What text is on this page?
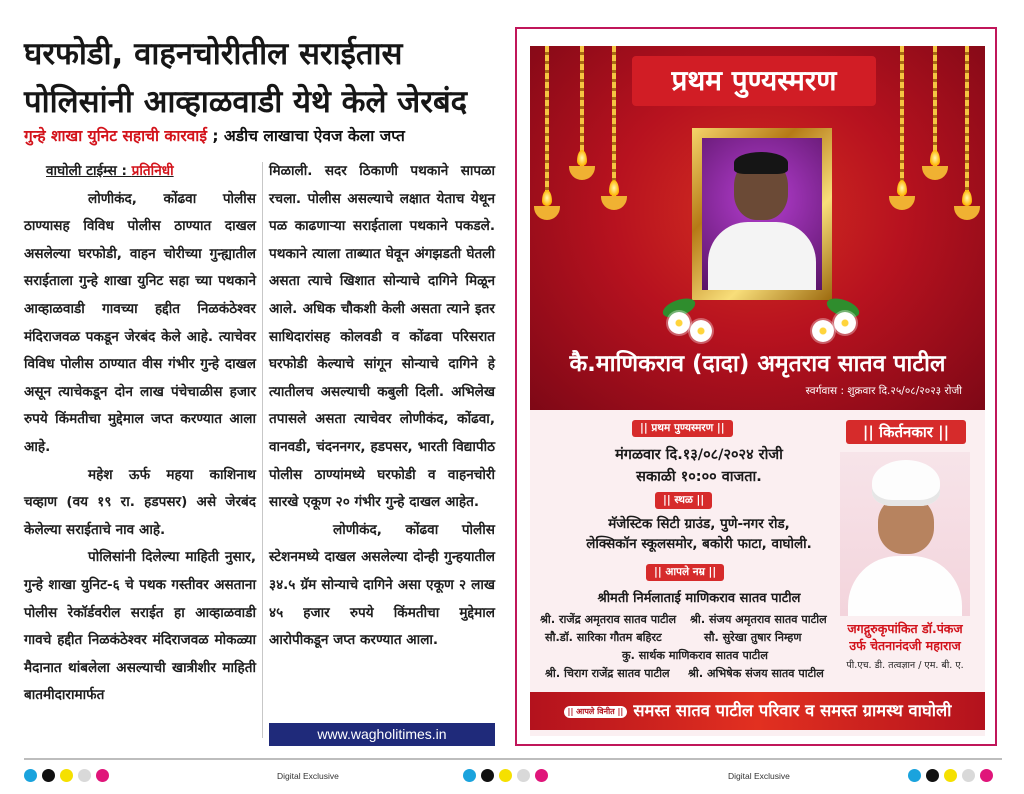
घरफोडी, वाहनचोरीतील सराईतास
पोलिसांनी आव्हाळवाडी येथे केले जेरबंद
गुन्हे शाखा युनिट सहाची कारवाई ; अडीच लाखाचा ऐवज केला जप्त

वाघोली टाईम्स : प्रतिनिधी

लोणीकंद, कोंढवा पोलीस ठाण्यासह विविध पोलीस ठाण्यात दाखल असलेल्या घरफोडी, वाहन चोरीच्या गुन्ह्यातील सराईताला गुन्हे शाखा युनिट सहा च्या पथकाने आव्हाळवाडी गावच्या हद्दीत निळकंठेश्वर मंदिराजवळ पकडून जेरबंद केले आहे. त्याचेवर विविध पोलीस ठाण्यात वीस गंभीर गुन्हे दाखल असून त्याचेकडून दोन लाख पंचेचाळीस हजार रुपये किंमतीचा मुद्देमाल जप्त करण्यात आला आहे.

महेश ऊर्फ महया काशिनाथ चव्हाण (वय १९ रा. हडपसर) असे जेरबंद केलेल्या सराईताचे नाव आहे.

पोलिसांनी दिलेल्या माहिती नुसार, गुन्हे शाखा युनिट-६ चे पथक गस्तीवर असताना पोलीस रेकॉर्डवरील सराईत हा आव्हाळवाडी गावचे हद्दीत निळकंठेश्वर मंदिराजवळ मोकळ्या मैदानात थांबलेला असल्याची खात्रीशीर माहिती बातमीदारामार्फत

मिळाली. सदर ठिकाणी पथकाने सापळा रचला. पोलीस असल्याचे लक्षात येताच येथून पळ काढणाऱ्या सराईताला पथकाने पकडले. पथकाने त्याला ताब्यात घेवून अंगझडती घेतली असता त्याचे खिशात सोन्याचे दागिने मिळून आले. अधिक चौकशी केली असता त्याने इतर साथिदारांसह कोलवडी व कोंढवा परिसरात घरफोडी केल्याचे सांगून सोन्याचे दागिने हे त्यातीलच असल्याची कबुली दिली. अभिलेख तपासले असता त्याचेवर लोणीकंद, कोंढवा, वानवडी, चंदननगर, हडपसर, भारती विद्यापीठ पोलीस ठाण्यांमध्ये घरफोडी व वाहनचोरी सारखे एकूण २० गंभीर गुन्हे दाखल आहेत.

लोणीकंद, कोंढवा पोलीस स्टेशनमध्ये दाखल असलेल्या दोन्ही गुन्हयातील ३४.५ ग्रॅम सोन्याचे दागिने असा एकूण २ लाख ४५ हजार रुपये किंमतीचा मुद्देमाल आरोपीकडून जप्त करण्यात आला.

www.wagholitimes.in
प्रथम पुण्यस्मरण
कै.माणिकराव (दादा) अमृतराव सातव पाटील
स्वर्गवास : शुक्रवार दि.२५/०८/२०२३ रोजी
|| प्रथम पुण्यस्मरण ||
मंगळवार दि.१३/०८/२०२४ रोजी
सकाळी १०:०० वाजता.
|| स्थळ ||
मॅजेस्टिक सिटी ग्राउंड, पुणे-नगर रोड,
लेक्सिकॉन स्कूलसमोर, बकोरी फाटा, वाघोली.
|| आपले नम्र ||
श्रीमती निर्मलाताई माणिकराव सातव पाटील
श्री. राजेंद्र अमृतराव सातव पाटील श्री. संजय अमृतराव सातव पाटील
सौ.डॉ. सारिका गौतम बहिरट	सौ. सुरेखा तुषार निम्हण
कु. सार्थक माणिकराव सातव पाटील
श्री. चिराग राजेंद्र सातव पाटील श्री. अभिषेक संजय सातव पाटील
|| किर्तनकार ||
जगद्गुरुकृपांकित डॉ.पंकज
उर्फ चेतनानंदजी महाराज
पी.एच. डी. तत्वज्ञान / एम. बी. ए.
|| आपले विनीत || समस्त सातव पाटील परिवार व समस्त ग्रामस्थ वाघोली
Digital Exclusive	Digital Exclusive
